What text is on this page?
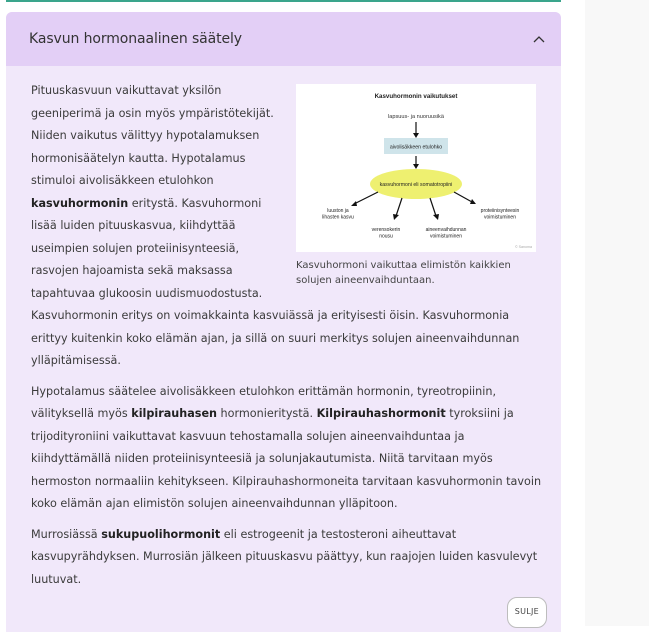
Kasvun hormonaalinen säätely
Kasvuhormonin vaikutukset
lapsuus- ja nuoruusikä
aivolisäkkeen etulohko
kasvuhormoni eli somatotropiini
luuston ja lihasten kasvu
verensokerin nousu
aineenvaihdunnan voimistuminen
proteiinisynteesin voimistuminen
© Sanoma
Kasvuhormoni vaikuttaa elimistön kaikkien solujen aineenvaihduntaan.

Pituuskasvuun vaikuttavat yksilön geeniperimä ja osin myös ympäristötekijät. Niiden vaikutus välittyy hypotalamuksen hormonisäätelyn kautta. Hypotalamus stimuloi aivolisäkkeen etulohkon kasvuhormonin eritystä. Kasvuhormoni lisää luiden pituuskasvua, kiihdyttää useimpien solujen proteiinisynteesiä, rasvojen hajoamista sekä maksassa tapahtuvaa glukoosin uudismuodostusta. Kasvuhormonin eritys on voimakkainta kasvuiässä ja erityisesti öisin. Kasvuhormonia erittyy kuitenkin koko elämän ajan, ja sillä on suuri merkitys solujen aineenvaihdunnan ylläpitämisessä.

Hypotalamus säätelee aivolisäkkeen etulohkon erittämän hormonin, tyreotropiinin, välityksellä myös kilpirauhasen hormonieritystä. Kilpirauhashormonit tyroksiini ja trijodityroniini vaikuttavat kasvuun tehostamalla solujen aineenvaihduntaa ja kiihdyttämällä niiden proteiinisynteesiä ja solunjakautumista. Niitä tarvitaan myös hermoston normaaliin kehitykseen. Kilpirauhashormoneita tarvitaan kasvuhormonin tavoin koko elämän ajan elimistön solujen aineenvaihdunnan ylläpitoon.

Murrosiässä sukupuolihormonit eli estrogeenit ja testosteroni aiheuttavat kasvupyrähdyksen. Murrosiän jälkeen pituuskasvu päättyy, kun raajojen luiden kasvulevyt luutuvat.

SULJE
